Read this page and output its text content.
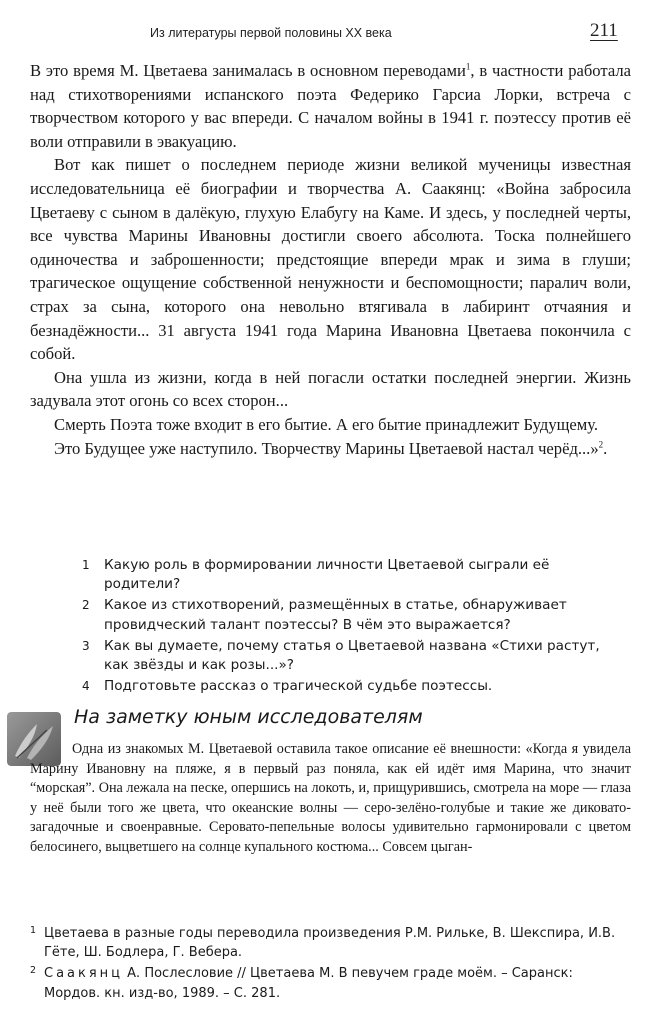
Из литературы первой половины XX века	211

В это время М. Цветаева занималась в основном переводами$^1$, в частности работала над стихотворениями испанского поэта Федерико Гарсиа Лорки, встреча с творчеством которого у вас впереди. С началом войны в 1941 г. поэтессу против её воли отправили в эвакуацию.

Вот как пишет о последнем периоде жизни великой мученицы известная исследовательница её биографии и творчества А. Саакянц: «Война забросила Цветаеву с сыном в далёкую, глухую Елабугу на Каме. И здесь, у последней черты, все чувства Марины Ивановны достигли своего абсолюта. Тоска полнейшего одиночества и заброшенности; предстоящие впереди мрак и зима в глуши; трагическое ощущение собственной ненужности и беспомощности; паралич воли, страх за сына, которого она невольно втягивала в лабиринт отчаяния и безнадёжности... 31 августа 1941 года Марина Ивановна Цветаева покончила с собой.

Она ушла из жизни, когда в ней погасли остатки последней энергии. Жизнь задувала этот огонь со всех сторон...

Смерть Поэта тоже входит в его бытие. А его бытие принадлежит Будущему.

Это Будущее уже наступило. Творчеству Марины Цветаевой настал черёд...»$^2$.

1	Какую роль в формировании личности Цветаевой сыграли её родители?
2	Какое из стихотворений, размещённых в статье, обнаруживает провидческий талант поэтессы? В чём это выражается?
3	Как вы думаете, почему статья о Цветаевой названа «Стихи растут, как звёзды и как розы...»?
4	Подготовьте рассказ о трагической судьбе поэтессы.
На заметку юным исследователям

Одна из знакомых М. Цветаевой оставила такое описание её внешности: «Когда я увидела Марину Ивановну на пляже, я в первый раз поняла, как ей идёт имя Марина, что значит “морская”. Она лежала на песке, опершись на локоть, и, прищурившись, смотрела на море — глаза у неё были того же цвета, что океанские волны — серо-зелёно-голубые и такие же диковато-загадочные и своенравные. Серовато-пепельные волосы удивительно гармонировали с цветом белосинего, выцветшего на солнце купального костюма... Совсем цыган-

1 Цветаева в разные годы переводила произведения Р.М. Рильке, В. Шекспира, И.В. Гёте, Ш. Бодлера, Г. Вебера.
2 Саакянц А. Послесловие // Цветаева М. В певучем граде моём. – Саранск: Мордов. кн. изд-во, 1989. – С. 281.
